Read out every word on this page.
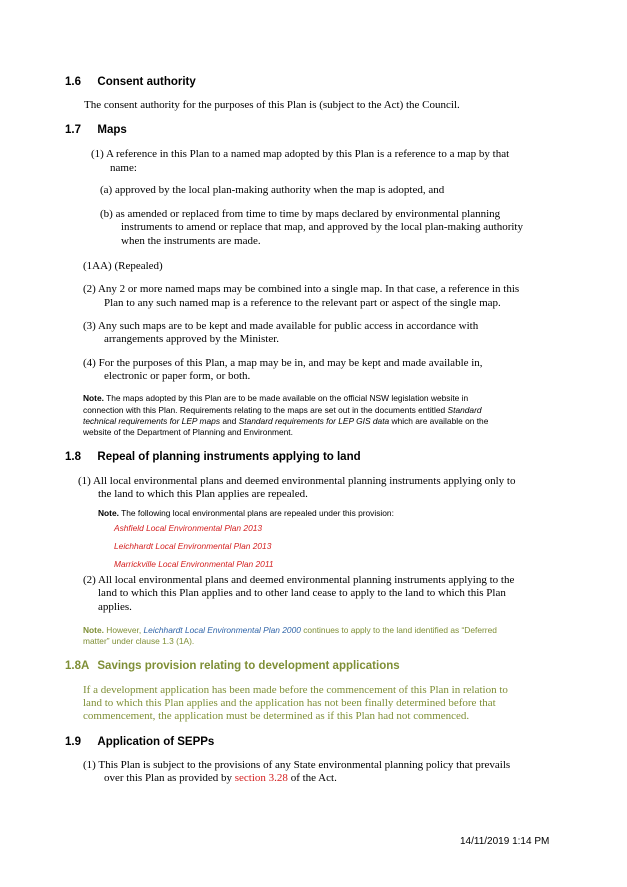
1.6 Consent authority
The consent authority for the purposes of this Plan is (subject to the Act) the Council.
1.7 Maps
(1) A reference in this Plan to a named map adopted by this Plan is a reference to a map by that
name:
(a) approved by the local plan-making authority when the map is adopted, and
(b) as amended or replaced from time to time by maps declared by environmental planning
instruments to amend or replace that map, and approved by the local plan-making authority
when the instruments are made.
(1AA) (Repealed)
(2) Any 2 or more named maps may be combined into a single map. In that case, a reference in this
Plan to any such named map is a reference to the relevant part or aspect of the single map.
(3) Any such maps are to be kept and made available for public access in accordance with
arrangements approved by the Minister.
(4) For the purposes of this Plan, a map may be in, and may be kept and made available in,
electronic or paper form, or both.
Note. The maps adopted by this Plan are to be made available on the official NSW legislation website in
connection with this Plan. Requirements relating to the maps are set out in the documents entitled Standard
technical requirements for LEP maps and Standard requirements for LEP GIS data which are available on the
website of the Department of Planning and Environment.
1.8 Repeal of planning instruments applying to land
(1) All local environmental plans and deemed environmental planning instruments applying only to
the land to which this Plan applies are repealed.
Note. The following local environmental plans are repealed under this provision:
Ashfield Local Environmental Plan 2013
Leichhardt Local Environmental Plan 2013
Marrickville Local Environmental Plan 2011
(2) All local environmental plans and deemed environmental planning instruments applying to the
land to which this Plan applies and to other land cease to apply to the land to which this Plan
applies.
Note. However, Leichhardt Local Environmental Plan 2000 continues to apply to the land identified as “Deferred
matter” under clause 1.3 (1A).
1.8A Savings provision relating to development applications
If a development application has been made before the commencement of this Plan in relation to
land to which this Plan applies and the application has not been finally determined before that
commencement, the application must be determined as if this Plan had not commenced.
1.9 Application of SEPPs
(1) This Plan is subject to the provisions of any State environmental planning policy that prevails
over this Plan as provided by section 3.28 of the Act.
14/11/2019 1:14 PM
